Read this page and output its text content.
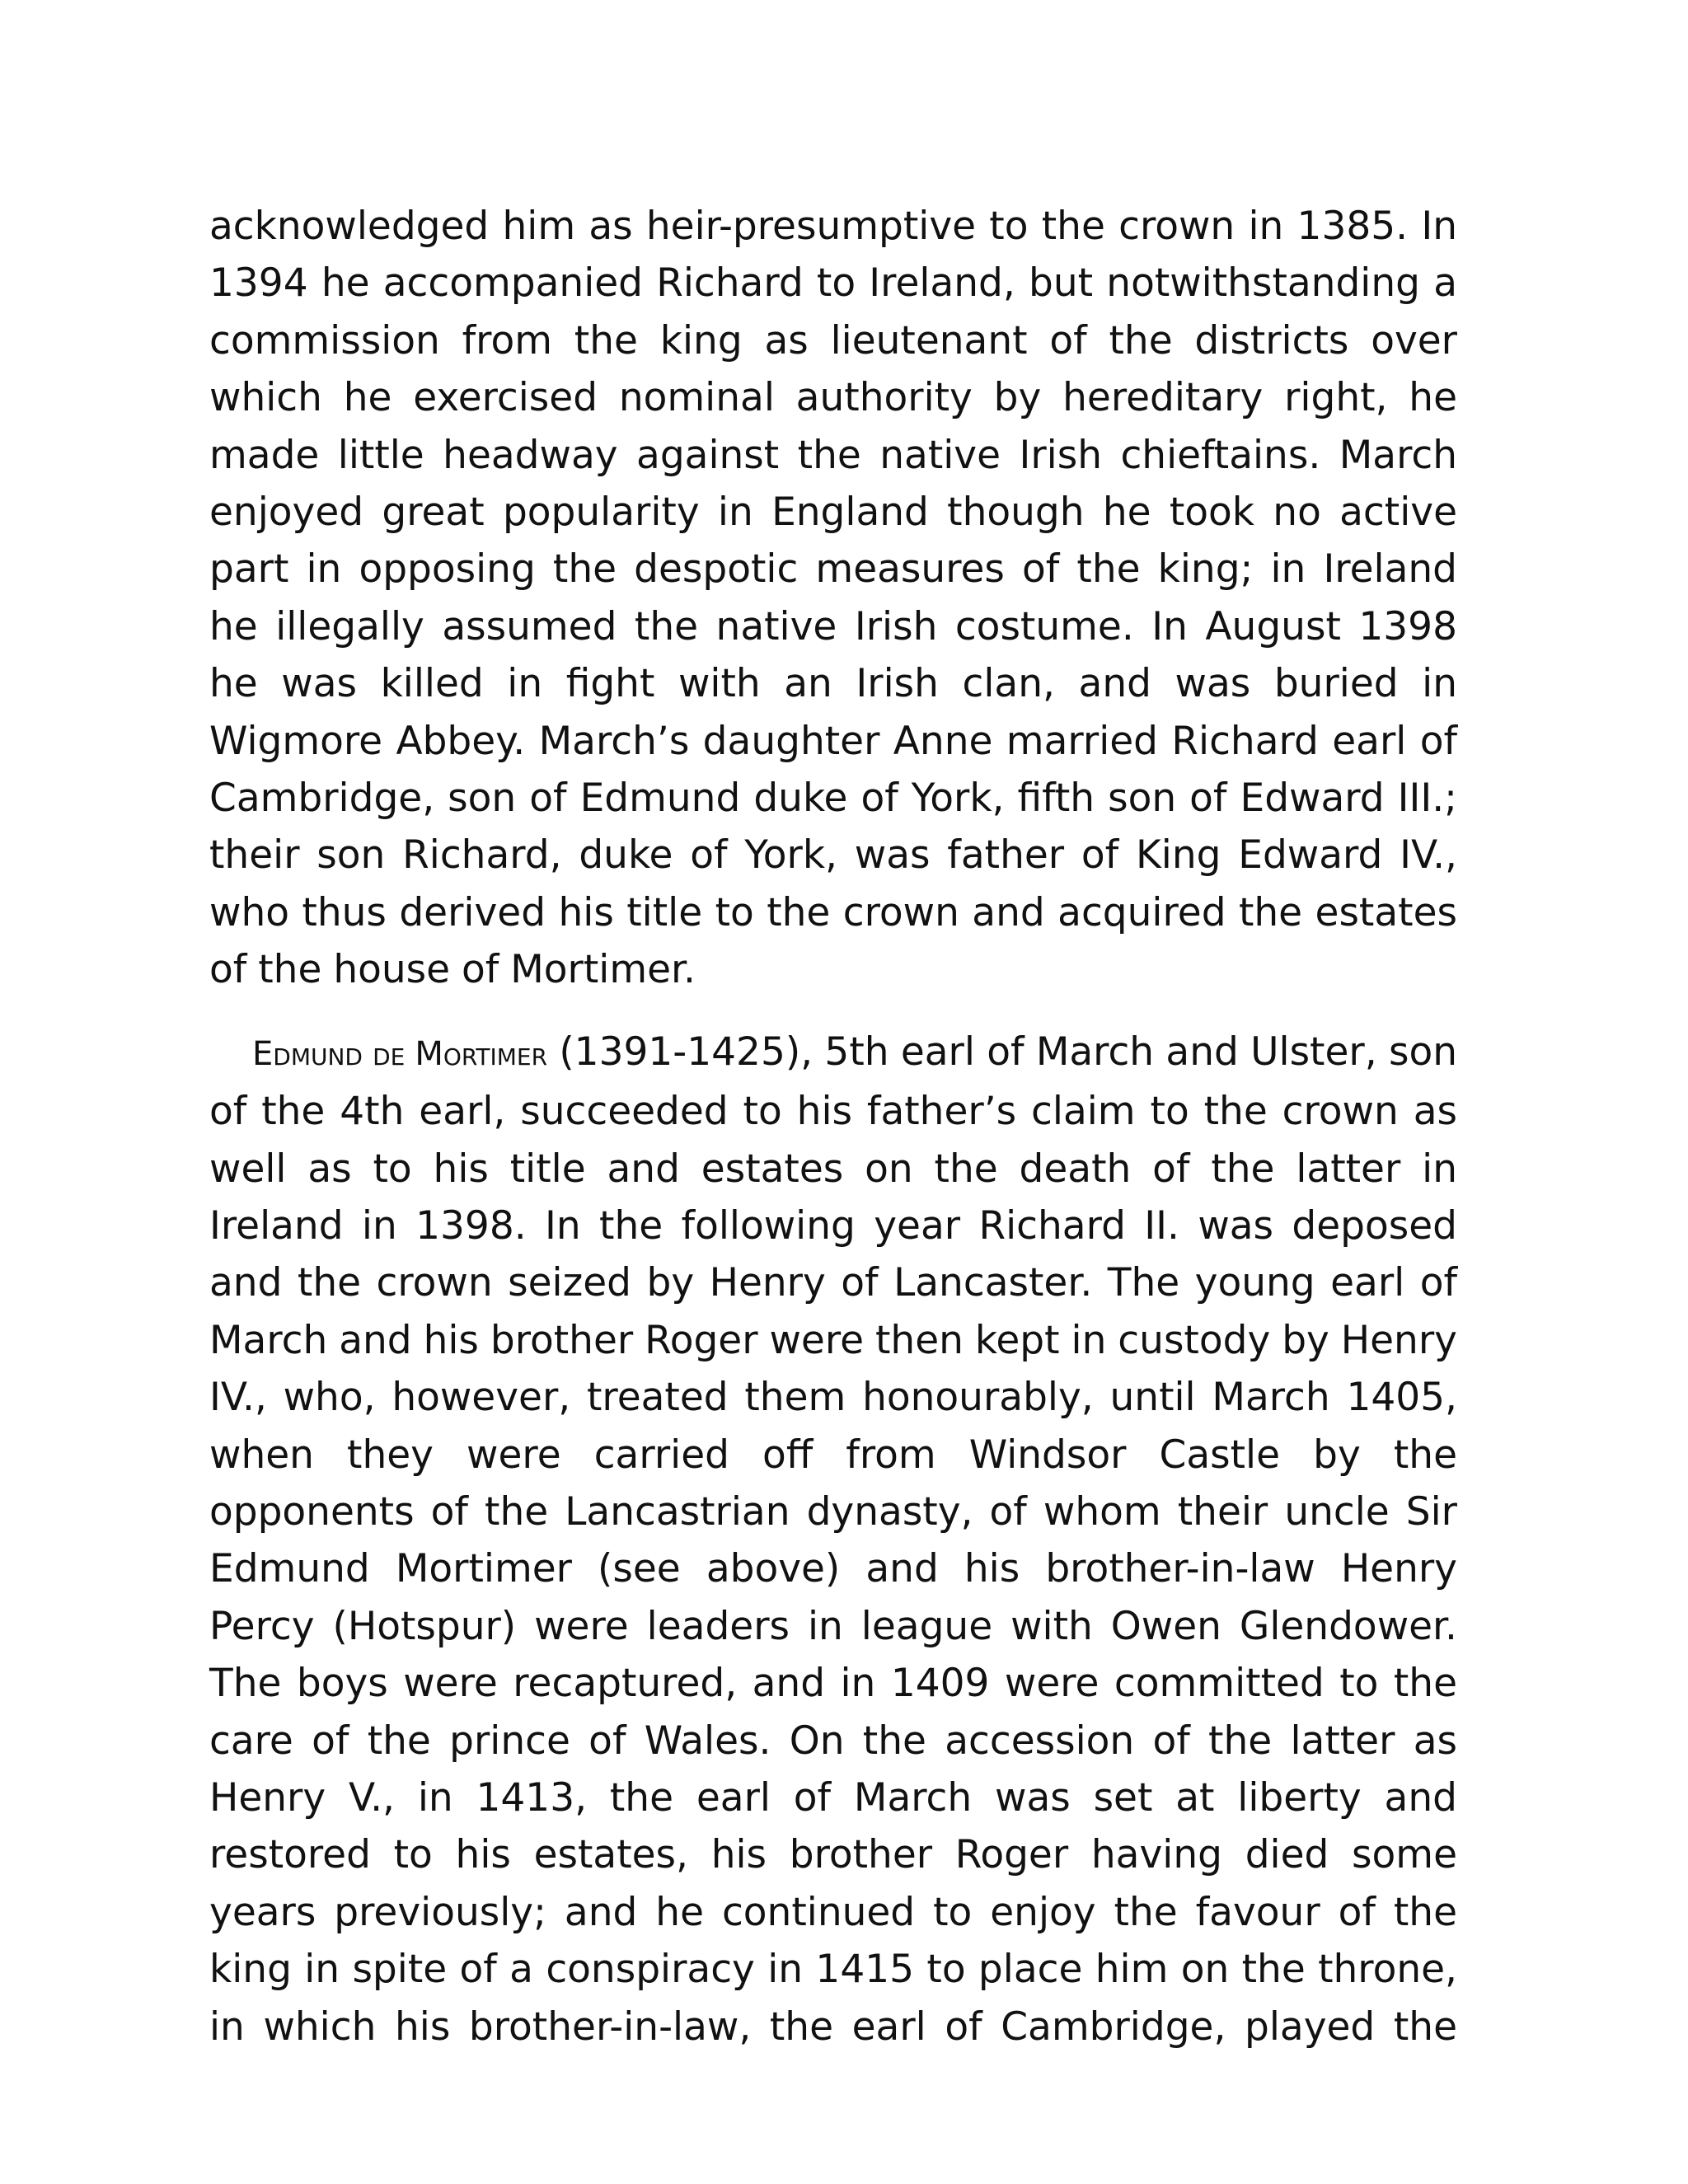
acknowledged him as heir-presumptive to the crown in 1385. In 1394 he accompanied Richard to Ireland, but notwithstanding a commission from the king as lieutenant of the districts over which he exercised nominal authority by hereditary right, he made little headway against the native Irish chieftains. March enjoyed great popularity in England though he took no active part in opposing the despotic measures of the king; in Ireland he illegally assumed the native Irish costume. In August 1398 he was killed in fight with an Irish clan, and was buried in Wigmore Abbey. March’s daughter Anne married Richard earl of Cambridge, son of Edmund duke of York, fifth son of Edward III.; their son Richard, duke of York, was father of King Edward IV., who thus derived his title to the crown and acquired the estates of the house of Mortimer.

Edmund de Mortimer (1391-1425), 5th earl of March and Ulster, son of the 4th earl, succeeded to his father’s claim to the crown as well as to his title and estates on the death of the latter in Ireland in 1398. In the following year Richard II. was deposed and the crown seized by Henry of Lancaster. The young earl of March and his brother Roger were then kept in custody by Henry IV., who, however, treated them honourably, until March 1405, when they were carried off from Windsor Castle by the opponents of the Lancastrian dynasty, of whom their uncle Sir Edmund Mortimer (see above) and his brother-in-law Henry Percy (Hotspur) were leaders in league with Owen Glendower. The boys were recaptured, and in 1409 were committed to the care of the prince of Wales. On the accession of the latter as Henry V., in 1413, the earl of March was set at liberty and restored to his estates, his brother Roger having died some years previously; and he continued to enjoy the favour of the king in spite of a conspiracy in 1415 to place him on the throne, in which his brother-in-law, the earl of Cambridge, played the
